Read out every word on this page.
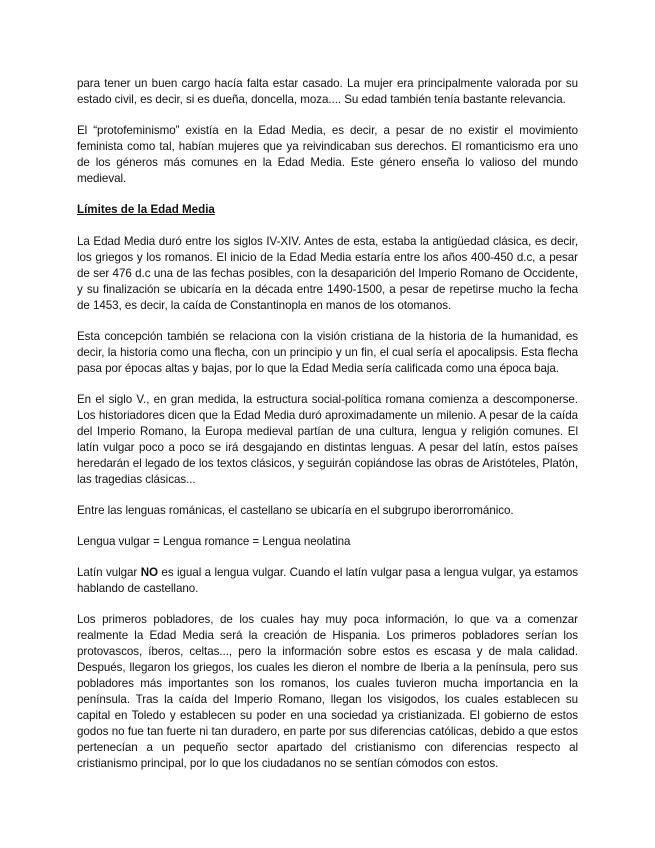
para tener un buen cargo hacía falta estar casado. La mujer era principalmente valorada por su estado civil, es decir, si es dueña, doncella, moza.... Su edad también tenía bastante relevancia.

El “protofeminismo” existía en la Edad Media, es decir, a pesar de no existir el movimiento feminista como tal, habían mujeres que ya reivindicaban sus derechos. El romanticismo era uno de los géneros más comunes en la Edad Media. Este género enseña lo valioso del mundo medieval.

Límites de la Edad Media

La Edad Media duró entre los siglos IV-XIV. Antes de esta, estaba la antigüedad clásica, es decir, los griegos y los romanos. El inicio de la Edad Media estaría entre los años 400-450 d.c, a pesar de ser 476 d.c una de las fechas posibles, con la desaparición del Imperio Romano de Occidente, y su finalización se ubicaría en la década entre 1490-1500, a pesar de repetirse mucho la fecha de 1453, es decir, la caída de Constantinopla en manos de los otomanos.

Esta concepción también se relaciona con la visión cristiana de la historia de la humanidad, es decir, la historia como una flecha, con un principio y un fin, el cual sería el apocalipsis. Esta flecha pasa por épocas altas y bajas, por lo que la Edad Media sería calificada como una época baja.

En el siglo V., en gran medida, la estructura social-política romana comienza a descomponerse. Los historiadores dicen que la Edad Media duró aproximadamente un milenio. A pesar de la caída del Imperio Romano, la Europa medieval partían de una cultura, lengua y religión comunes. El latín vulgar poco a poco se irá desgajando en distintas lenguas. A pesar del latín, estos países heredarán el legado de los textos clásicos, y seguirán copiándose las obras de Aristóteles, Platón, las tragedias clásicas...

Entre las lenguas románicas, el castellano se ubicaría en el subgrupo iberorrománico.

Lengua vulgar = Lengua romance = Lengua neolatina

Latín vulgar NO es igual a lengua vulgar. Cuando el latín vulgar pasa a lengua vulgar, ya estamos hablando de castellano.

Los primeros pobladores, de los cuales hay muy poca información, lo que va a comenzar realmente la Edad Media será la creación de Hispania. Los primeros pobladores serían los protovascos, íberos, celtas..., pero la información sobre estos es escasa y de mala calidad. Después, llegaron los griegos, los cuales les dieron el nombre de Iberia a la península, pero sus pobladores más importantes son los romanos, los cuales tuvieron mucha importancia en la península. Tras la caída del Imperio Romano, llegan los visigodos, los cuales establecen su capital en Toledo y establecen su poder en una sociedad ya cristianizada. El gobierno de estos godos no fue tan fuerte ni tan duradero, en parte por sus diferencias católicas, debido a que estos pertenecían a un pequeño sector apartado del cristianismo con diferencias respecto al cristianismo principal, por lo que los ciudadanos no se sentían cómodos con estos.
